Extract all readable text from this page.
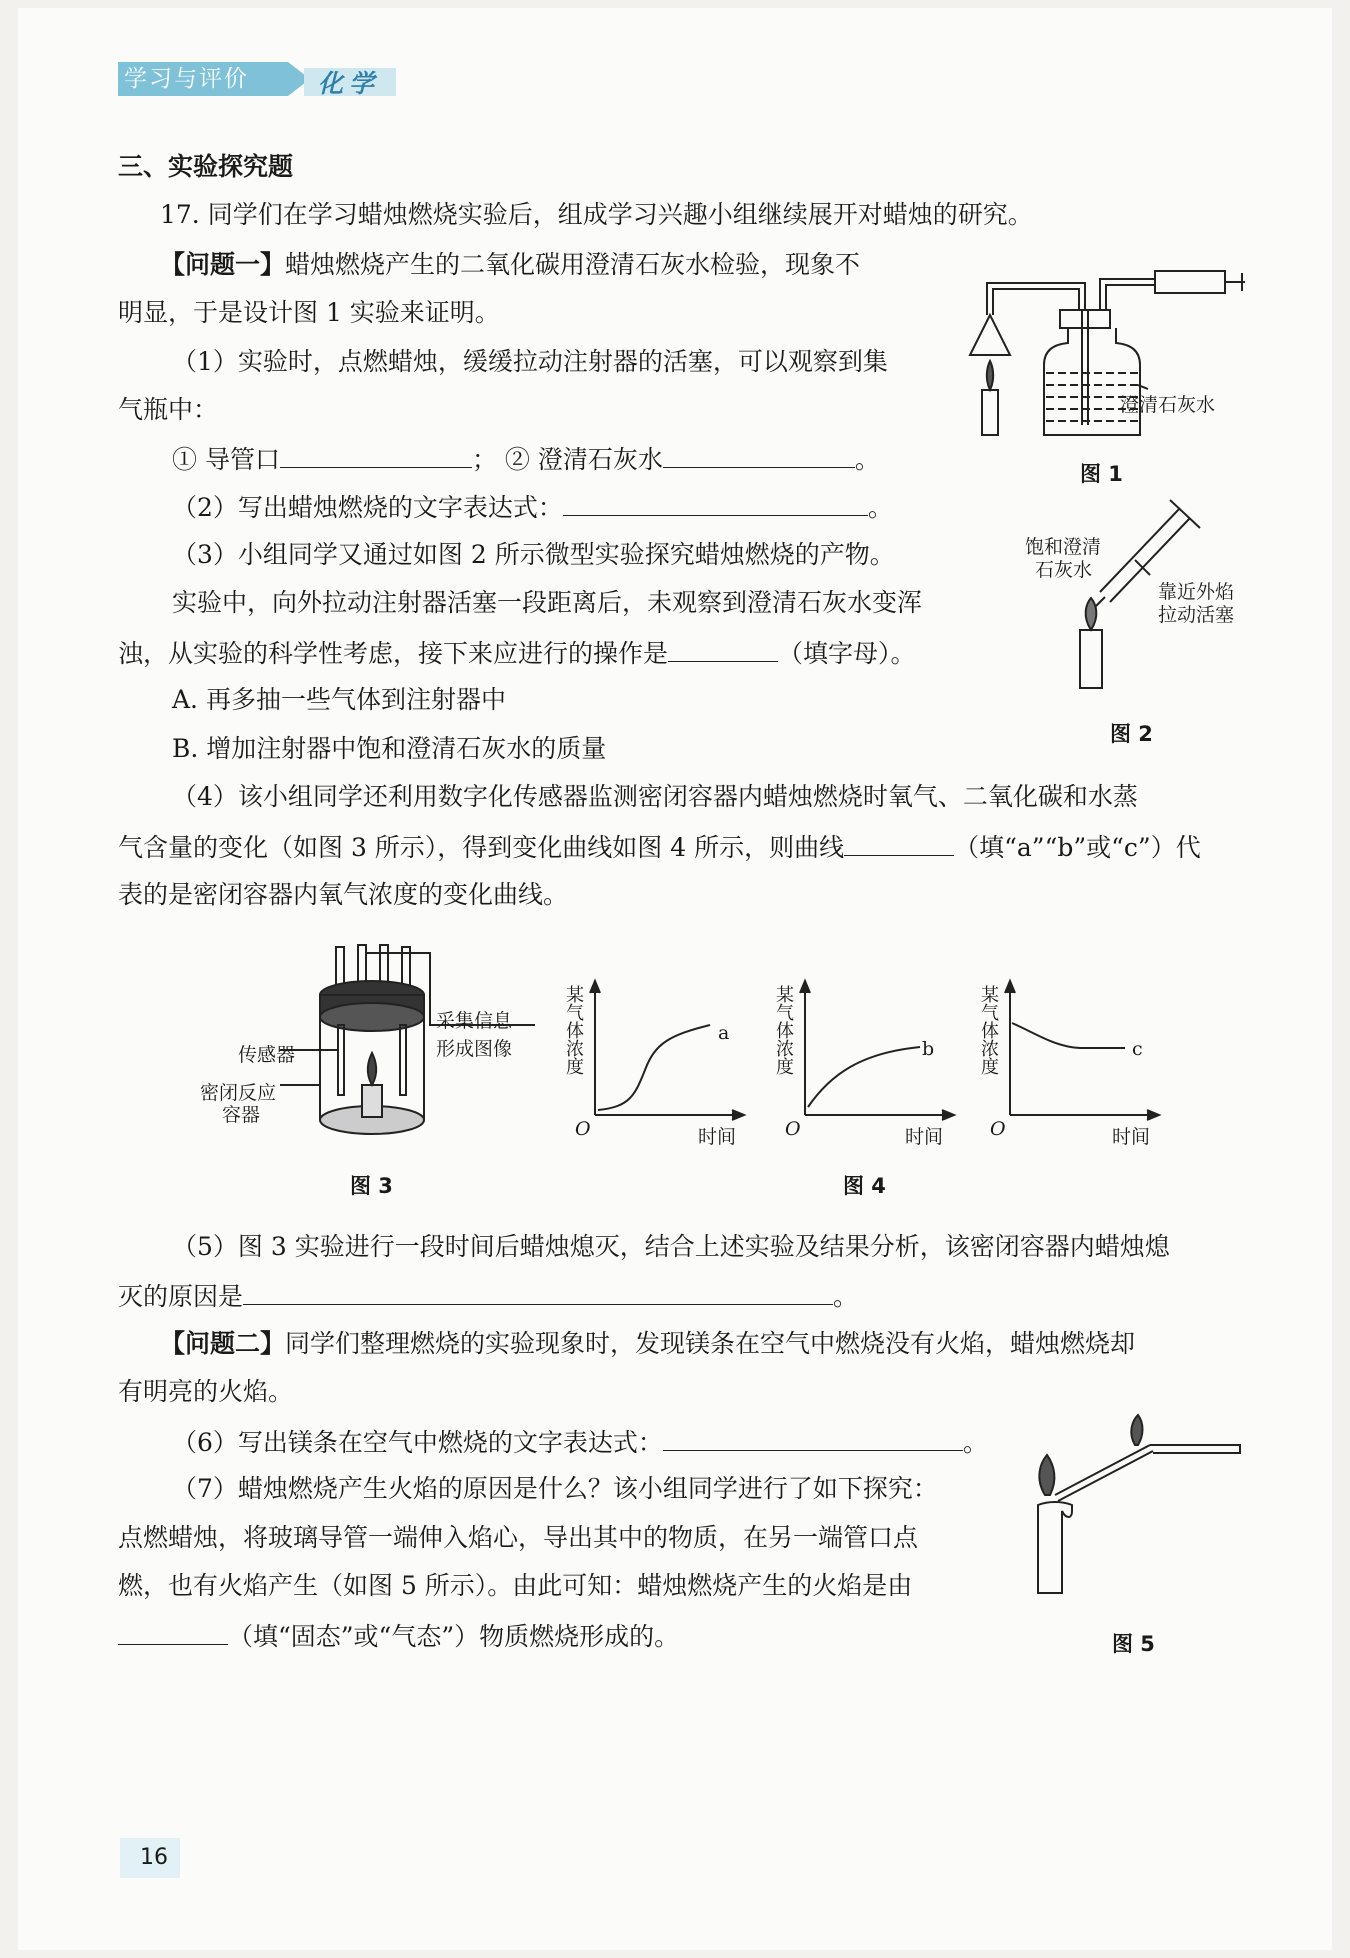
学习与评价	化学
三、实验探究题
17. 同学们在学习蜡烛燃烧实验后，组成学习兴趣小组继续展开对蜡烛的研究。
【问题一】蜡烛燃烧产生的二氧化碳用澄清石灰水检验，现象不
明显，于是设计图 1 实验来证明。
（1）实验时，点燃蜡烛，缓缓拉动注射器的活塞，可以观察到集
气瓶中：
① 导管口	； ② 澄清石灰水	。
（2）写出蜡烛燃烧的文字表达式：	。
（3）小组同学又通过如图 2 所示微型实验探究蜡烛燃烧的产物。
实验中，向外拉动注射器活塞一段距离后，未观察到澄清石灰水变浑
浊，从实验的科学性考虑，接下来应进行的操作是	（填字母）。
A. 再多抽一些气体到注射器中
B. 增加注射器中饱和澄清石灰水的质量
（4）该小组同学还利用数字化传感器监测密闭容器内蜡烛燃烧时氧气、二氧化碳和水蒸
气含量的变化（如图 3 所示），得到变化曲线如图 4 所示，则曲线	（填“a”“b”或“c”）代
表的是密闭容器内氧气浓度的变化曲线。
（5）图 3 实验进行一段时间后蜡烛熄灭，结合上述实验及结果分析，该密闭容器内蜡烛熄
灭的原因是	。
【问题二】同学们整理燃烧的实验现象时，发现镁条在空气中燃烧没有火焰，蜡烛燃烧却
有明亮的火焰。
（6）写出镁条在空气中燃烧的文字表达式：	。
（7）蜡烛燃烧产生火焰的原因是什么？该小组同学进行了如下探究：
点燃蜡烛，将玻璃导管一端伸入焰心，导出其中的物质，在另一端管口点
燃，也有火焰产生（如图 5 所示）。由此可知：蜡烛燃烧产生的火焰是由
（填“固态”或“气态”）物质燃烧形成的。
澄清石灰水
图 1
饱和澄清
石灰水
靠近外焰
拉动活塞
图 2
传感器
密闭反应
容器
采集信息
形成图像
图 3
某气体浓度	某气体浓度	某气体浓度
O	O	O
时间	时间	时间
a
b	c
图 4
图 5
16
